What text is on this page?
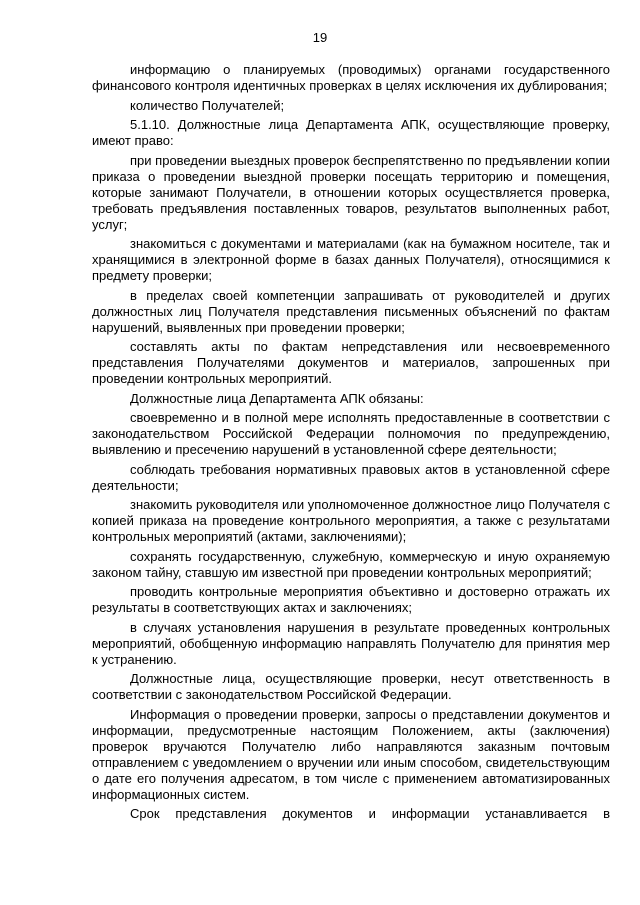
19

информацию о планируемых (проводимых) органами государственного финансового контроля идентичных проверках в целях исключения их дублирования;

количество Получателей;

5.1.10. Должностные лица Департамента АПК, осуществляющие проверку, имеют право:

при проведении выездных проверок беспрепятственно по предъявлении копии приказа о проведении выездной проверки посещать территорию и помещения, которые занимают Получатели, в отношении которых осуществляется проверка, требовать предъявления поставленных товаров, результатов выполненных работ, услуг;

знакомиться с документами и материалами (как на бумажном носителе, так и хранящимися в электронной форме в базах данных Получателя), относящимися к предмету проверки;

в пределах своей компетенции запрашивать от руководителей и других должностных лиц Получателя представления письменных объяснений по фактам нарушений, выявленных при проведении проверки;

составлять акты по фактам непредставления или несвоевременного представления Получателями документов и материалов, запрошенных при проведении контрольных мероприятий.

Должностные лица Департамента АПК обязаны:

своевременно и в полной мере исполнять предоставленные в соответствии с законодательством Российской Федерации полномочия по предупреждению, выявлению и пресечению нарушений в установленной сфере деятельности;

соблюдать требования нормативных правовых актов в установленной сфере деятельности;

знакомить руководителя или уполномоченное должностное лицо Получателя с копией приказа на проведение контрольного мероприятия, а также с результатами контрольных мероприятий (актами, заключениями);

сохранять государственную, служебную, коммерческую и иную охраняемую законом тайну, ставшую им известной при проведении контрольных мероприятий;

проводить контрольные мероприятия объективно и достоверно отражать их результаты в соответствующих актах и заключениях;

в случаях установления нарушения в результате проведенных контрольных мероприятий, обобщенную информацию направлять Получателю для принятия мер к устранению.

Должностные лица, осуществляющие проверки, несут ответственность в соответствии с законодательством Российской Федерации.

Информация о проведении проверки, запросы о представлении документов и информации, предусмотренные настоящим Положением, акты (заключения) проверок вручаются Получателю либо направляются заказным почтовым отправлением с уведомлением о вручении или иным способом, свидетельствующим о дате его получения адресатом, в том числе с применением автоматизированных информационных систем.

Срок представления документов и информации устанавливается в
